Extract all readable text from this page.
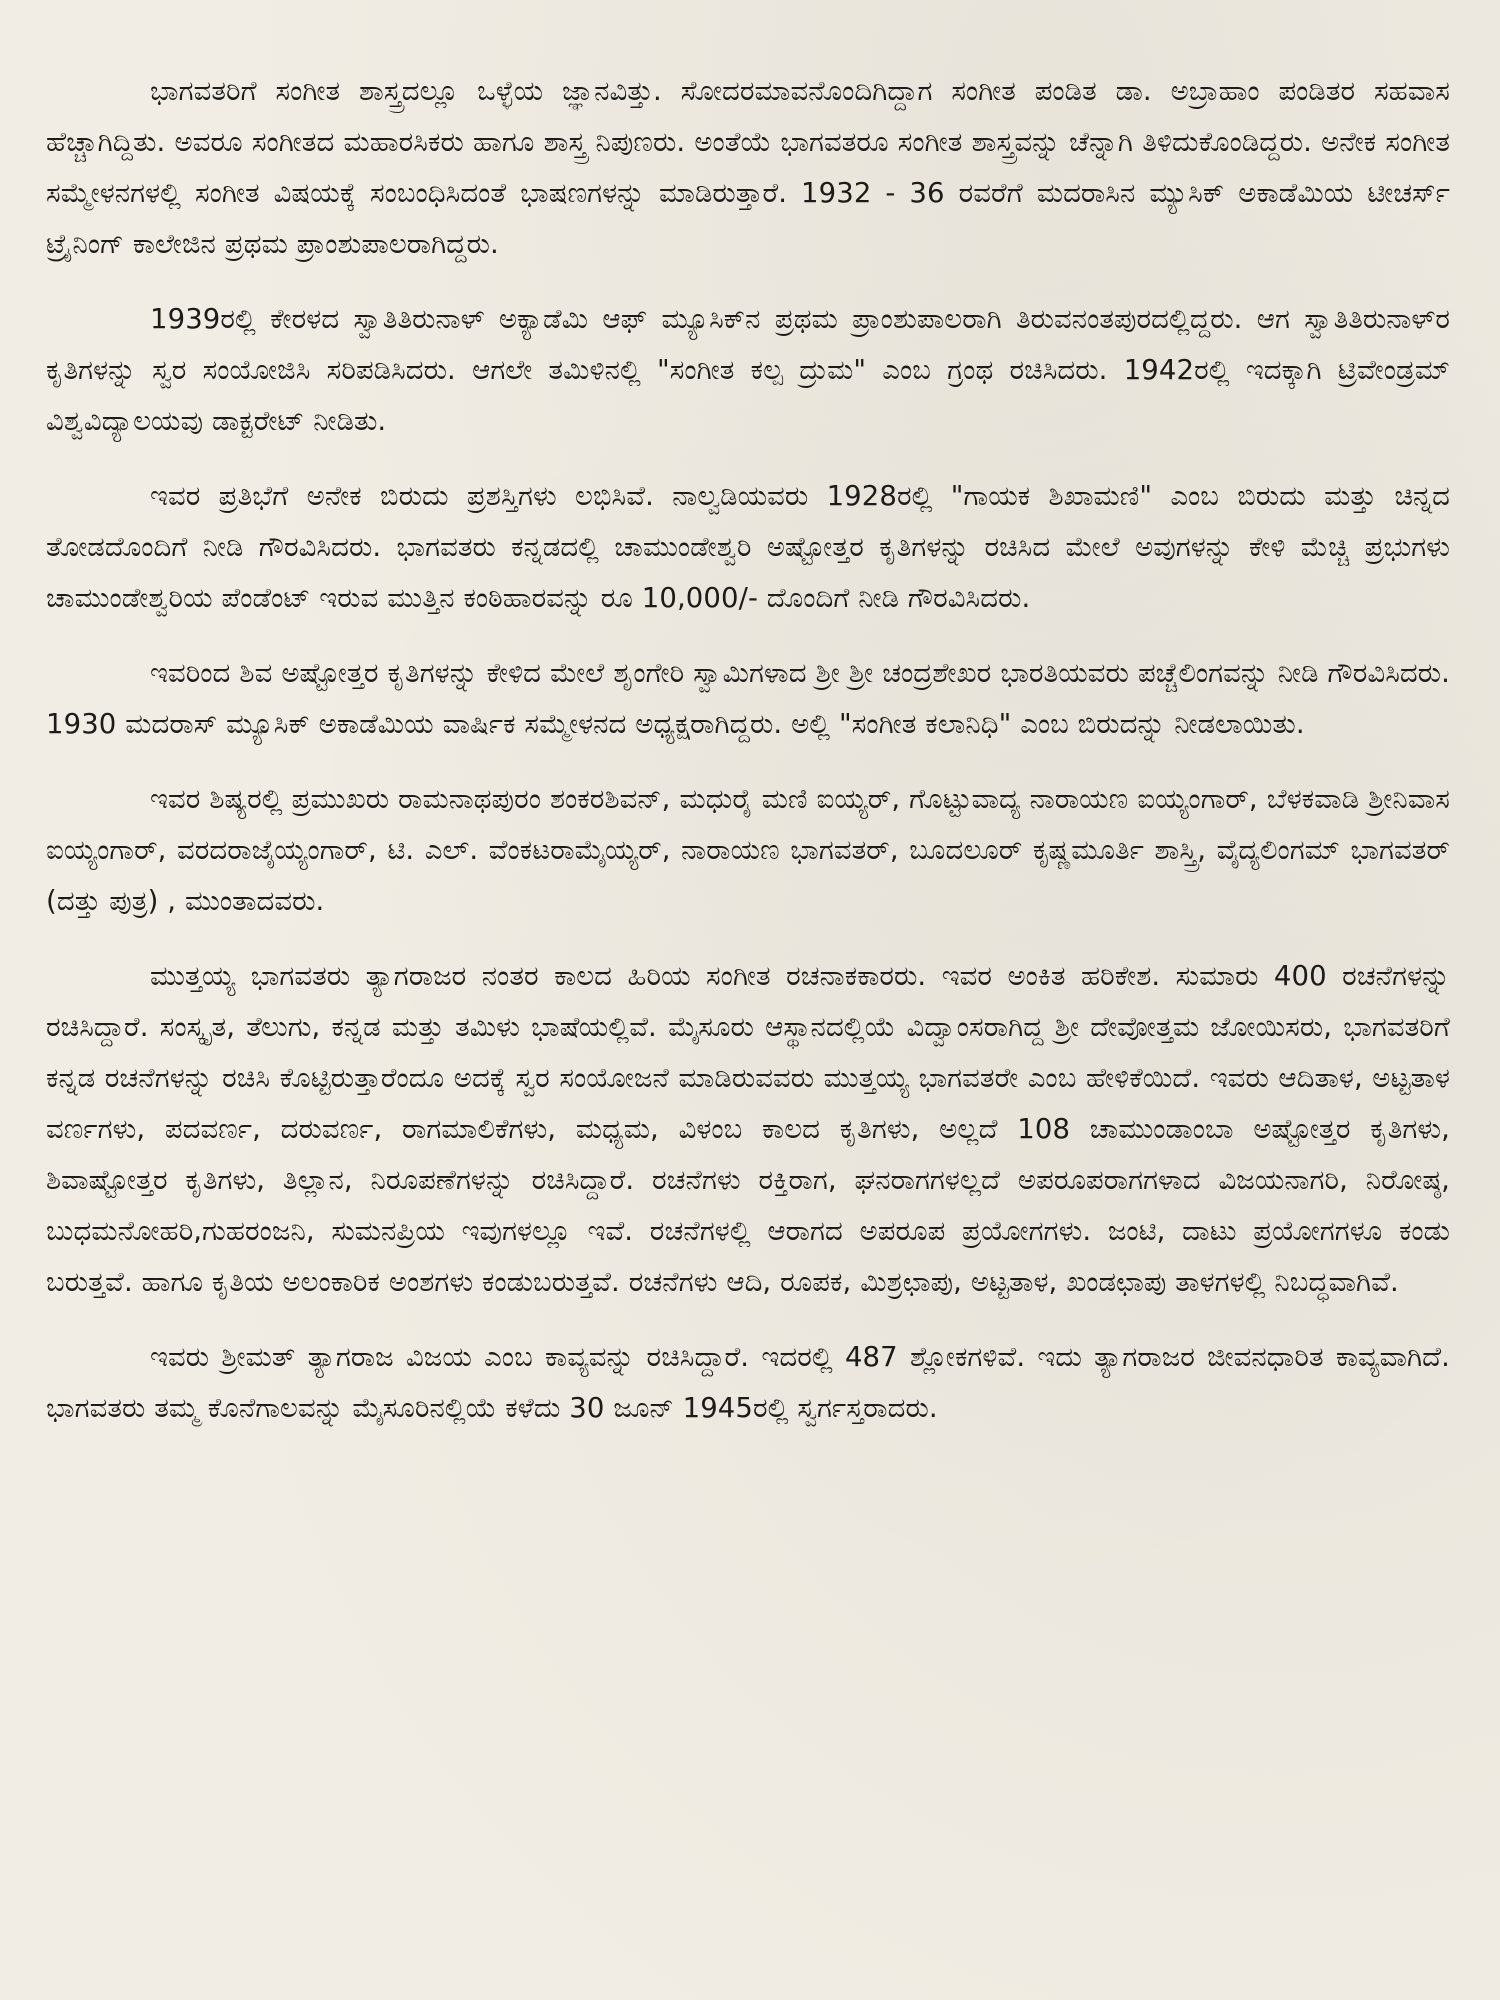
ಭಾಗವತರಿಗೆ ಸಂಗೀತ ಶಾಸ್ತ್ರದಲ್ಲೂ ಒಳ್ಳೆಯ ಜ್ಞಾನವಿತ್ತು. ಸೋದರಮಾವನೊಂದಿಗಿದ್ದಾಗ ಸಂಗೀತ ಪಂಡಿತ ಡಾ. ಅಬ್ರಾಹಾಂ ಪಂಡಿತರ ಸಹವಾಸ ಹೆಚ್ಚಾಗಿದ್ದಿತು. ಅವರೂ ಸಂಗೀತದ ಮಹಾರಸಿಕರು ಹಾಗೂ ಶಾಸ್ತ್ರ ನಿಪುಣರು. ಅಂತೆಯೆ ಭಾಗವತರೂ ಸಂಗೀತ ಶಾಸ್ತ್ರವನ್ನು ಚೆನ್ನಾಗಿ ತಿಳಿದುಕೊಂಡಿದ್ದರು. ಅನೇಕ ಸಂಗೀತ ಸಮ್ಮೇಳನಗಳಲ್ಲಿ ಸಂಗೀತ ವಿಷಯಕ್ಕೆ ಸಂಬಂಧಿಸಿದಂತೆ ಭಾಷಣಗಳನ್ನು ಮಾಡಿರುತ್ತಾರೆ. 1932 - 36 ರವರೆಗೆ ಮದರಾಸಿನ ಮ್ಯುಸಿಕ್ ಅಕಾಡೆಮಿಯ ಟೀಚರ್ಸ್ ಟ್ರೈನಿಂಗ್ ಕಾಲೇಜಿನ ಪ್ರಥಮ ಪ್ರಾಂಶುಪಾಲರಾಗಿದ್ದರು.

1939ರಲ್ಲಿ ಕೇರಳದ ಸ್ವಾತಿತಿರುನಾಳ್ ಅಕ್ಯಾಡೆಮಿ ಆಫ್ ಮ್ಯೂಸಿಕ್‌ನ ಪ್ರಥಮ ಪ್ರಾಂಶುಪಾಲರಾಗಿ ತಿರುವನಂತಪುರದಲ್ಲಿದ್ದರು. ಆಗ ಸ್ವಾತಿತಿರುನಾಳ್‌ರ ಕೃತಿಗಳನ್ನು ಸ್ವರ ಸಂಯೋಜಿಸಿ ಸರಿಪಡಿಸಿದರು. ಆಗಲೇ ತಮಿಳಿನಲ್ಲಿ "ಸಂಗೀತ ಕಲ್ಪ ದ್ರುಮ" ಎಂಬ ಗ್ರಂಥ ರಚಿಸಿದರು. 1942ರಲ್ಲಿ ಇದಕ್ಕಾಗಿ ಟ್ರಿವೇಂಡ್ರಮ್ ವಿಶ್ವವಿದ್ಯಾಲಯವು ಡಾಕ್ಟರೇಟ್ ನೀಡಿತು.

ಇವರ ಪ್ರತಿಭೆಗೆ ಅನೇಕ ಬಿರುದು ಪ್ರಶಸ್ತಿಗಳು ಲಭಿಸಿವೆ. ನಾಲ್ವಡಿಯವರು 1928ರಲ್ಲಿ "ಗಾಯಕ ಶಿಖಾಮಣಿ" ಎಂಬ ಬಿರುದು ಮತ್ತು ಚಿನ್ನದ ತೋಡದೊಂದಿಗೆ ನೀಡಿ ಗೌರವಿಸಿದರು. ಭಾಗವತರು ಕನ್ನಡದಲ್ಲಿ ಚಾಮುಂಡೇಶ್ವರಿ ಅಷ್ಟೋತ್ತರ ಕೃತಿಗಳನ್ನು ರಚಿಸಿದ ಮೇಲೆ ಅವುಗಳನ್ನು ಕೇಳಿ ಮೆಚ್ಚಿ ಪ್ರಭುಗಳು ಚಾಮುಂಡೇಶ್ವರಿಯ ಪೆಂಡೆಂಟ್ ಇರುವ ಮುತ್ತಿನ ಕಂಠಿಹಾರವನ್ನು ರೂ 10,000/- ದೊಂದಿಗೆ ನೀಡಿ ಗೌರವಿಸಿದರು.

ಇವರಿಂದ ಶಿವ ಅಷ್ಟೋತ್ತರ ಕೃತಿಗಳನ್ನು ಕೇಳಿದ ಮೇಲೆ ಶೃಂಗೇರಿ ಸ್ವಾಮಿಗಳಾದ ಶ್ರೀ ಶ್ರೀ ಚಂದ್ರಶೇಖರ ಭಾರತಿಯವರು ಪಚ್ಚೆಲಿಂಗವನ್ನು ನೀಡಿ ಗೌರವಿಸಿದರು. 1930 ಮದರಾಸ್ ಮ್ಯೂಸಿಕ್ ಅಕಾಡೆಮಿಯ ವಾರ್ಷಿಕ ಸಮ್ಮೇಳನದ ಅಧ್ಯಕ್ಷರಾಗಿದ್ದರು. ಅಲ್ಲಿ "ಸಂಗೀತ ಕಲಾನಿಧಿ" ಎಂಬ ಬಿರುದನ್ನು ನೀಡಲಾಯಿತು.

ಇವರ ಶಿಷ್ಯರಲ್ಲಿ ಪ್ರಮುಖರು ರಾಮನಾಥಪುರಂ ಶಂಕರಶಿವನ್, ಮಧುರೈ ಮಣಿ ಐಯ್ಯರ್, ಗೊಟ್ಟುವಾದ್ಯ ನಾರಾಯಣ ಐಯ್ಯಂಗಾರ್, ಬೆಳಕವಾಡಿ ಶ್ರೀನಿವಾಸ ಐಯ್ಯಂಗಾರ್, ವರದರಾಜೈಯ್ಯಂಗಾರ್, ಟಿ. ಎಲ್. ವೆಂಕಟರಾಮೈಯ್ಯರ್, ನಾರಾಯಣ ಭಾಗವತರ್, ಬೂದಲೂರ್ ಕೃಷ್ಣಮೂರ್ತಿ ಶಾಸ್ತ್ರಿ, ವೈದ್ಯಲಿಂಗಮ್ ಭಾಗವತರ್ (ದತ್ತು ಪುತ್ರ) , ಮುಂತಾದವರು.

ಮುತ್ತಯ್ಯ ಭಾಗವತರು ತ್ಯಾಗರಾಜರ ನಂತರ ಕಾಲದ ಹಿರಿಯ ಸಂಗೀತ ರಚನಾಕಕಾರರು. ಇವರ ಅಂಕಿತ ಹರಿಕೇಶ. ಸುಮಾರು 400 ರಚನೆಗಳನ್ನು ರಚಿಸಿದ್ದಾರೆ. ಸಂಸ್ಕೃತ, ತೆಲುಗು, ಕನ್ನಡ ಮತ್ತು ತಮಿಳು ಭಾಷೆಯಲ್ಲಿವೆ. ಮೈಸೂರು ಆಸ್ಥಾನದಲ್ಲಿಯೆ ವಿದ್ವಾಂಸರಾಗಿದ್ದ ಶ್ರೀ ದೇವೋತ್ತಮ ಜೋಯಿಸರು, ಭಾಗವತರಿಗೆ ಕನ್ನಡ ರಚನೆಗಳನ್ನು ರಚಿಸಿ ಕೊಟ್ಟಿರುತ್ತಾರೆಂದೂ ಅದಕ್ಕೆ ಸ್ವರ ಸಂಯೋಜನೆ ಮಾಡಿರುವವರು ಮುತ್ತಯ್ಯ ಭಾಗವತರೇ ಎಂಬ ಹೇಳಿಕೆಯಿದೆ. ಇವರು ಆದಿತಾಳ, ಅಟ್ಟತಾಳ ವರ್ಣಗಳು, ಪದವರ್ಣ, ದರುವರ್ಣ, ರಾಗಮಾಲಿಕೆಗಳು, ಮಧ್ಯಮ, ವಿಳಂಬ ಕಾಲದ ಕೃತಿಗಳು, ಅಲ್ಲದೆ 108 ಚಾಮುಂಡಾಂಬಾ ಅಷ್ಟೋತ್ತರ ಕೃತಿಗಳು, ಶಿವಾಷ್ಟೋತ್ತರ ಕೃತಿಗಳು, ತಿಲ್ಲಾನ, ನಿರೂಪಣೆಗಳನ್ನು ರಚಿಸಿದ್ದಾರೆ. ರಚನೆಗಳು ರಕ್ತಿರಾಗ, ಘನರಾಗಗಳಲ್ಲದೆ ಅಪರೂಪರಾಗಗಳಾದ ವಿಜಯನಾಗರಿ, ನಿರೋಷ್ಠ, ಬುಧಮನೋಹರಿ,ಗುಹರಂಜನಿ, ಸುಮನಪ್ರಿಯ ಇವುಗಳಲ್ಲೂ ಇವೆ. ರಚನೆಗಳಲ್ಲಿ ಆರಾಗದ ಅಪರೂಪ ಪ್ರಯೋಗಗಳು. ಜಂಟಿ, ದಾಟು ಪ್ರಯೋಗಗಳೂ ಕಂಡು ಬರುತ್ತವೆ. ಹಾಗೂ ಕೃತಿಯ ಅಲಂಕಾರಿಕ ಅಂಶಗಳು ಕಂಡುಬರುತ್ತವೆ. ರಚನೆಗಳು ಆದಿ, ರೂಪಕ, ಮಿಶ್ರಛಾಪು, ಅಟ್ಟತಾಳ, ಖಂಡಛಾಪು ತಾಳಗಳಲ್ಲಿ ನಿಬದ್ಧವಾಗಿವೆ.

ಇವರು ಶ್ರೀಮತ್ ತ್ಯಾಗರಾಜ ವಿಜಯ ಎಂಬ ಕಾವ್ಯವನ್ನು ರಚಿಸಿದ್ದಾರೆ. ಇದರಲ್ಲಿ 487 ಶ್ಲೋಕಗಳಿವೆ. ಇದು ತ್ಯಾಗರಾಜರ ಜೀವನಧಾರಿತ ಕಾವ್ಯವಾಗಿದೆ. ಭಾಗವತರು ತಮ್ಮ ಕೊನೆಗಾಲವನ್ನು ಮೈಸೂರಿನಲ್ಲಿಯೆ ಕಳೆದು 30 ಜೂನ್ 1945ರಲ್ಲಿ ಸ್ವರ್ಗಸ್ತರಾದರು.
